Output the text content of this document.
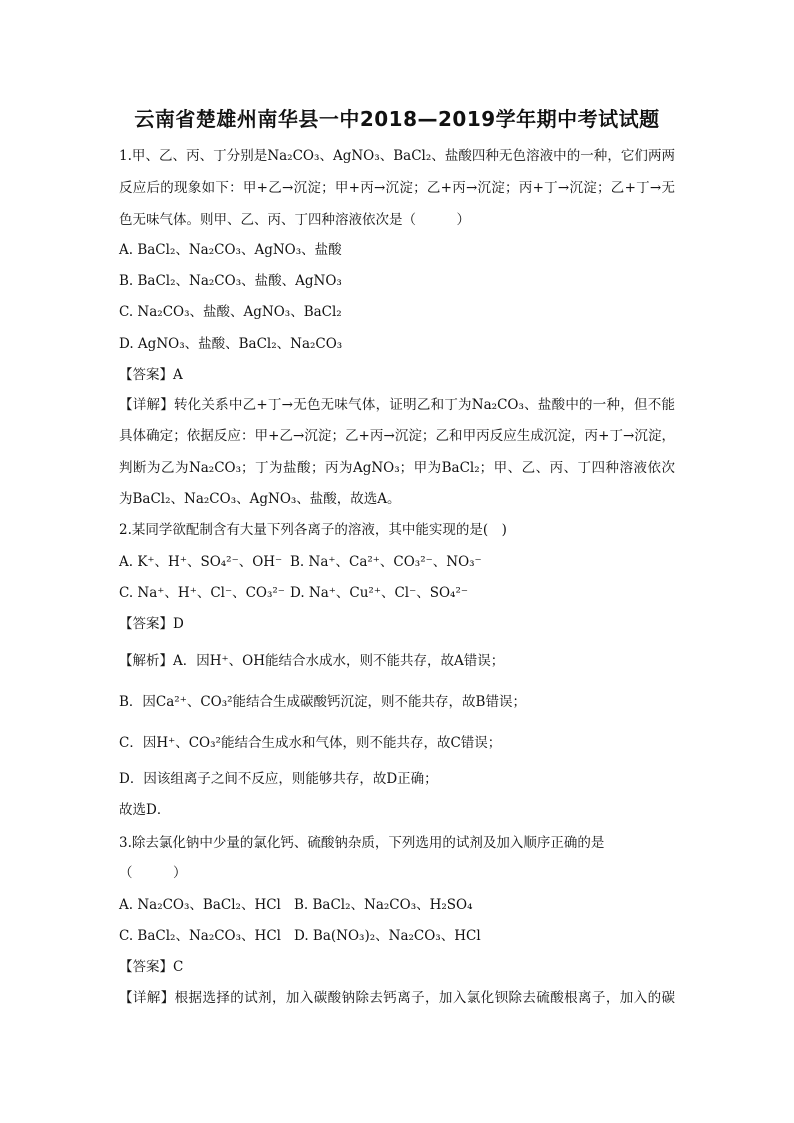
云南省楚雄州南华县一中2018—2019学年期中考试试题
1.甲、乙、丙、丁分别是Na₂CO₃、AgNO₃、BaCl₂、盐酸四种无色溶液中的一种，它们两两
反应后的现象如下：甲+乙→沉淀；甲+丙→沉淀；乙+丙→沉淀；丙+丁→沉淀；乙+丁→无
色无味气体。则甲、乙、丙、丁四种溶液依次是（　　　）
A. BaCl₂、Na₂CO₃、AgNO₃、盐酸
B. BaCl₂、Na₂CO₃、盐酸、AgNO₃
C. Na₂CO₃、盐酸、AgNO₃、BaCl₂
D. AgNO₃、盐酸、BaCl₂、Na₂CO₃
【答案】A
【详解】转化关系中乙+丁→无色无味气体，证明乙和丁为Na₂CO₃、盐酸中的一种，但不能
具体确定；依据反应：甲+乙→沉淀；乙+丙→沉淀；乙和甲丙反应生成沉淀，丙+丁→沉淀，
判断为乙为Na₂CO₃；丁为盐酸；丙为AgNO₃；甲为BaCl₂；甲、乙、丙、丁四种溶液依次
为BaCl₂、Na₂CO₃、AgNO₃、盐酸，故选A。
2.某同学欲配制含有大量下列各离子的溶液，其中能实现的是(　)
A. K⁺、H⁺、SO₄²⁻、OH⁻ B. Na⁺、Ca²⁺、CO₃²⁻、NO₃⁻
C. Na⁺、H⁺、Cl⁻、CO₃²⁻ D. Na⁺、Cu²⁺、Cl⁻、SO₄²⁻
【答案】D
【解析】A．因H⁺、OH能结合水成水，则不能共存，故A错误；
B．因Ca²⁺、CO₃²能结合生成碳酸钙沉淀，则不能共存，故B错误；
C．因H⁺、CO₃²能结合生成水和气体，则不能共存，故C错误；
D．因该组离子之间不反应，则能够共存，故D正确；
故选D．
3.除去氯化钠中少量的氯化钙、硫酸钠杂质，下列选用的试剂及加入顺序正确的是
（　　　）
A. Na₂CO₃、BaCl₂、HCl B. BaCl₂、Na₂CO₃、H₂SO₄
C. BaCl₂、Na₂CO₃、HCl D. Ba(NO₃)₂、Na₂CO₃、HCl
【答案】C
【详解】根据选择的试剂，加入碳酸钠除去钙离子，加入氯化钡除去硫酸根离子，加入的碳
